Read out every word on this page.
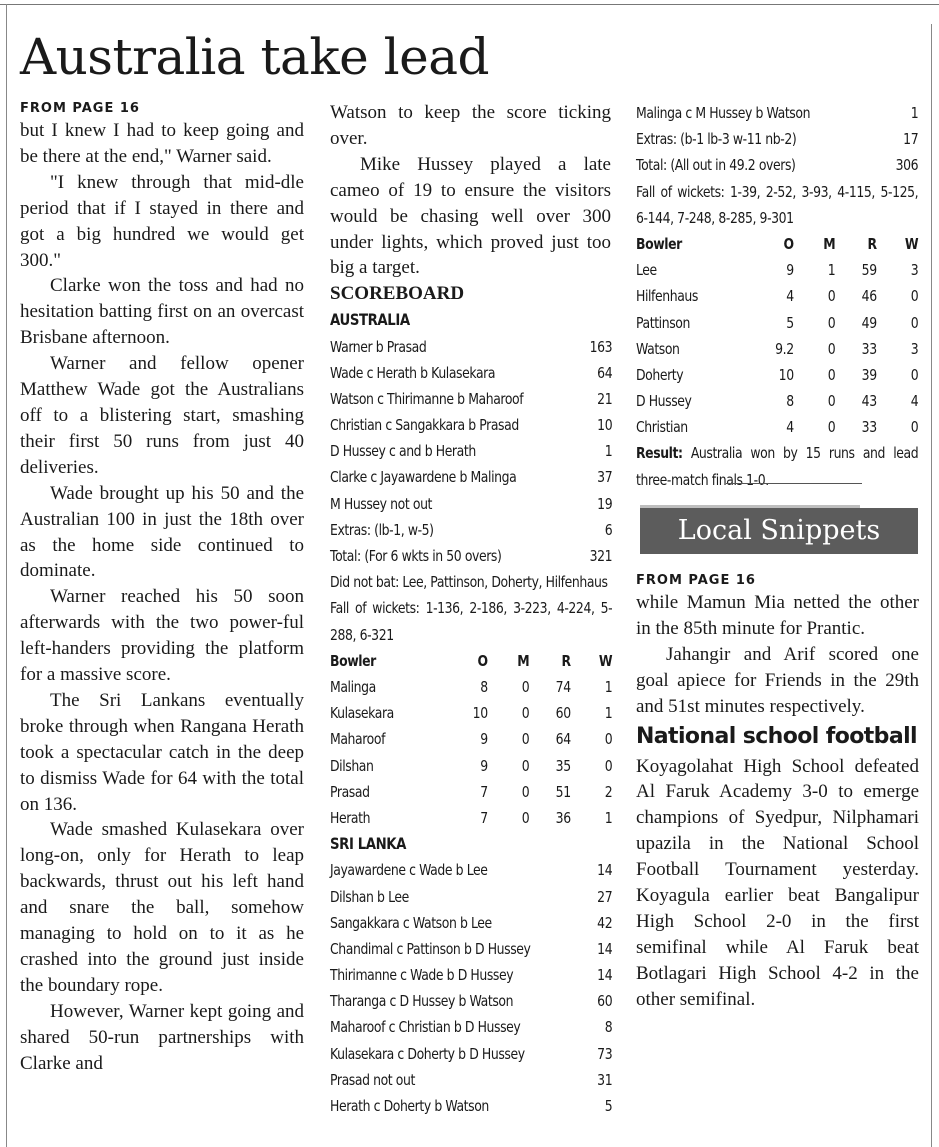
Australia take lead
FROM PAGE 16

but I knew I had to keep going and be there at the end," Warner said.

"I knew through that mid-dle period that if I stayed in there and got a big hundred we would get 300."

Clarke won the toss and had no hesitation batting first on an overcast Brisbane afternoon.

Warner and fellow opener Matthew Wade got the Australians off to a blistering start, smashing their first 50 runs from just 40 deliveries.

Wade brought up his 50 and the Australian 100 in just the 18th over as the home side continued to dominate.

Warner reached his 50 soon afterwards with the two power-ful left-handers providing the platform for a massive score.

The Sri Lankans eventually broke through when Rangana Herath took a spectacular catch in the deep to dismiss Wade for 64 with the total on 136.

Wade smashed Kulasekara over long-on, only for Herath to leap backwards, thrust out his left hand and snare the ball, somehow managing to hold on to it as he crashed into the ground just inside the boundary rope.

However, Warner kept going and shared 50-run partnerships with Clarke and

Watson to keep the score ticking over.

Mike Hussey played a late cameo of 19 to ensure the visitors would be chasing well over 300 under lights, which proved just too big a target.

SCOREBOARD
AUSTRALIA
Warner b Prasad	163
Wade c Herath b Kulasekara	64
Watson c Thirimanne b Maharoof	21
Christian c Sangakkara b Prasad	10
D Hussey c and b Herath	1
Clarke c Jayawardene b Malinga	37
M Hussey not out	19
Extras: (lb-1, w-5)	6
Total: (For 6 wkts in 50 overs)	321
Did not bat: Lee, Pattinson, Doherty, Hilfenhaus
Fall of wickets: 1-136, 2-186, 3-223, 4-224, 5-288, 6-321
Bowler	O	M	R	W
Malinga	8	0	74	1
Kulasekara	10	0	60	1
Maharoof	9	0	64	0
Dilshan	9	0	35	0
Prasad	7	0	51	2
Herath	7	0	36	1
SRI LANKA
Jayawardene c Wade b Lee	14
Dilshan b Lee	27
Sangakkara c Watson b Lee	42
Chandimal c Pattinson b D Hussey	14
Thirimanne c Wade b D Hussey	14
Tharanga c D Hussey b Watson	60
Maharoof c Christian b D Hussey	8
Kulasekara c Doherty b D Hussey	73
Prasad not out	31
Herath c Doherty b Watson	5
Malinga c M Hussey b Watson	1
Extras: (b-1 lb-3 w-11 nb-2)	17
Total: (All out in 49.2 overs)	306
Fall of wickets: 1-39, 2-52, 3-93, 4-115, 5-125, 6-144, 7-248, 8-285, 9-301
Bowler	O	M	R	W
Lee	9	1	59	3
Hilfenhaus	4	0	46	0
Pattinson	5	0	49	0
Watson	9.2	0	33	3
Doherty	10	0	39	0
D Hussey	8	0	43	4
Christian	4	0	33	0
Result: Australia won by 15 runs and lead three-match finals 1-0.
Local Snippets
FROM PAGE 16

while Mamun Mia netted the other in the 85th minute for Prantic.

Jahangir and Arif scored one goal apiece for Friends in the 29th and 51st minutes respectively.

National school football

Koyagolahat High School defeated Al Faruk Academy 3-0 to emerge champions of Syedpur, Nilphamari upazila in the National School Football Tournament yesterday. Koyagula earlier beat Bangalipur High School 2-0 in the first semifinal while Al Faruk beat Botlagari High School 4-2 in the other semifinal.
